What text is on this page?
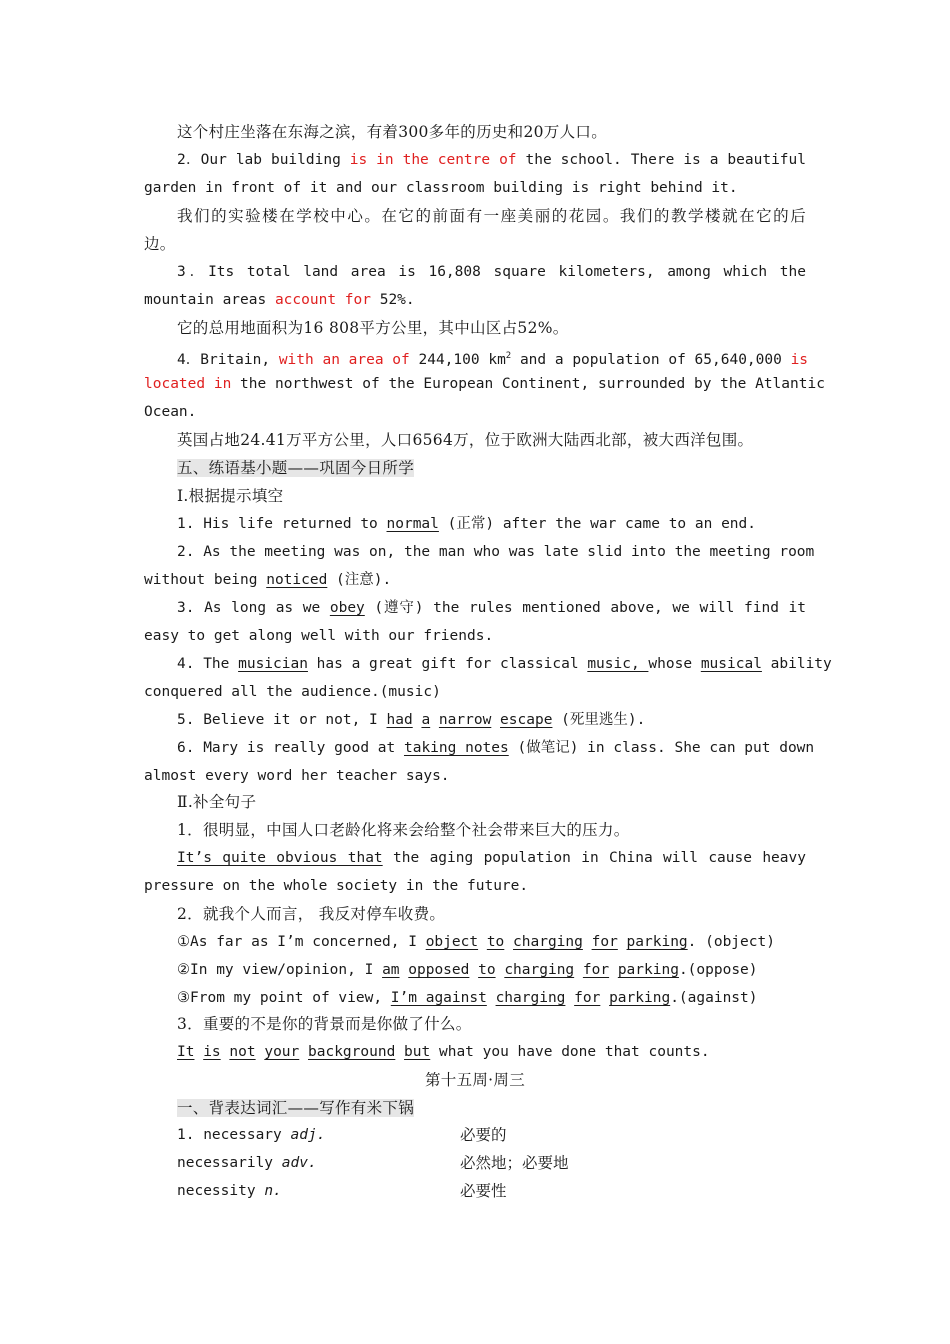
这个村庄坐落在东海之滨，有着300多年的历史和20万人口。
2．Our lab building is in the centre of the school. There is a beautiful
garden in front of it and our classroom building is right behind it.
我们的实验楼在学校中心。在它的前面有一座美丽的花园。我们的教学楼就在它的后
边。
3．Its total land area is 16,808 square kilometers, among which the
mountain areas account for 52%.
它的总用地面积为16 808平方公里，其中山区占52%。
4．Britain, with an area of 244,100 $km^2$ and a population of 65,640,000 is
located in the northwest of the European Continent, surrounded by the Atlantic
Ocean.
英国占地24.41万平方公里，人口6564万，位于欧洲大陆西北部，被大西洋包围。
五、练语基小题——巩固今日所学
Ⅰ.根据提示填空
1. His life returned to normal (正常) after the war came to an end.
2. As the meeting was on, the man who was late slid into the meeting room
without being noticed (注意).
3. As long as we obey (遵守) the rules mentioned above, we will find it
easy to get along well with our friends.
4. The musician has a great gift for classical music, whose musical ability
conquered all the audience.(music)
5. Believe it or not, I had a narrow escape (死里逃生).
6. Mary is really good at taking notes (做笔记) in class. She can put down
almost every word her teacher says.
Ⅱ.补全句子
1．很明显，中国人口老龄化将来会给整个社会带来巨大的压力。
It’s quite obvious that the aging population in China will cause heavy
pressure on the whole society in the future.
2．就我个人而言， 我反对停车收费。
①As far as I’m concerned, I object to charging for parking. (object)
②In my view/opinion, I am opposed to charging for parking.(oppose)
③From my point of view, I’m against charging for parking.(against)
3．重要的不是你的背景而是你做了什么。
It is not your background but what you have done that counts.
第十五周·周三
一、背表达词汇——写作有米下锅
1. necessary adj.	必要的
necessarily adv.	必然地；必要地
necessity n.	必要性
